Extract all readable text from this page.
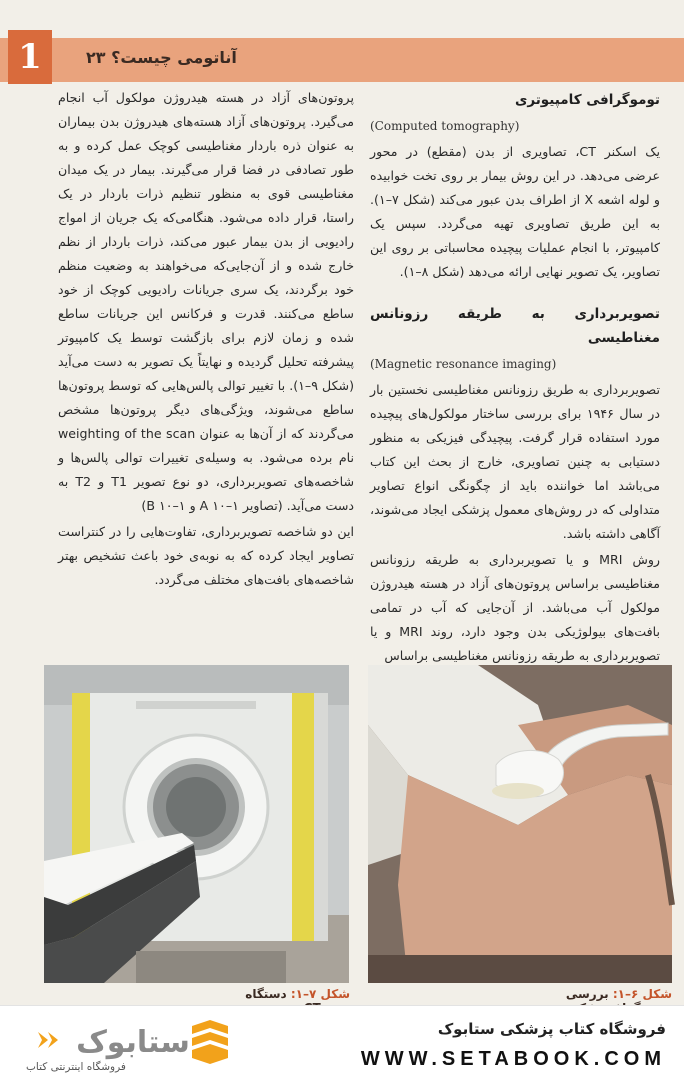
1	آناتومی چیست؟ ۲۳

توموگرافی کامپیوتری

(Computed tomography)

یک اسکنر CT، تصاویری از بدن (مقطع) در محور عرضی می‌دهد. در این روش بیمار بر روی تخت خوابیده و لوله اشعه X از اطراف بدن عبور می‌کند (شکل ۷–۱). به این طریق تصاویری تهیه می‌گردد. سپس یک کامپیوتر، با انجام عملیات پیچیده محاسباتی بر روی این تصاویر، یک تصویر نهایی ارائه می‌دهد (شکل ۸–۱).

تصویربرداری به طریقه رزونانس مغناطیسی

(Magnetic resonance imaging)

تصویربرداری به طریق رزونانس مغناطیسی نخستین بار در سال ۱۹۴۶ برای بررسی ساختار مولکول‌های پیچیده مورد استفاده قرار گرفت. پیچیدگی فیزیکی به منظور دستیابی به چنین تصاویری، خارج از بحث این کتاب می‌باشد اما خواننده باید از چگونگی انواع تصاویر متداولی که در روش‌های معمول پزشکی ایجاد می‌شوند، آگاهی داشته باشد.

روش MRI و یا تصویربرداری به طریقه رزونانس مغناطیسی براساس پروتون‌های آزاد در هسته هیدروژن مولکول آب می‌باشد. از آن‌جایی که آب در تمامی بافت‌های بیولوژیکی بدن وجود دارد، روند MRI و یا تصویربرداری به طریقه رزونانس مغناطیسی براساس

پروتون‌های آزاد در هسته هیدروژن مولکول آب انجام می‌گیرد. پروتون‌های آزاد هسته‌های هیدروژن بدن بیماران به عنوان ذره باردار مغناطیسی کوچک عمل کرده و به طور تصادفی در فضا قرار می‌گیرند. بیمار در یک میدان مغناطیسی قوی به منظور تنظیم ذرات باردار در یک راستا، قرار داده می‌شود. هنگامی‌که یک جریان از امواج رادیویی از بدن بیمار عبور می‌کند، ذرات باردار از نظم خارج شده و از آن‌جایی‌که می‌خواهند به وضعیت منظم خود برگردند، یک سری جریانات رادیویی کوچک از خود ساطع می‌کنند. قدرت و فرکانس این جریانات ساطع شده و زمان لازم برای بازگشت توسط یک کامپیوتر پیشرفته تحلیل گردیده و نهایتاً یک تصویر به دست می‌آید (شکل ۹–۱). با تغییر توالی پالس‌هایی که توسط پروتون‌ها ساطع می‌شوند، ویژگی‌های دیگر پروتون‌ها مشخص می‌گردند که از آن‌ها به عنوان weighting of the scan نام برده می‌شود. به وسیله‌ی تغییرات توالی پالس‌ها و شاخصه‌های تصویربرداری، دو نوع تصویر T1 و T2 به دست می‌آید. (تصاویر A ۱۰–۱ و B ۱۰–۱)

این دو شاخصه تصویربرداری، تفاوت‌هایی را در کنتراست تصاویر ایجاد کرده که به نوبه‌ی خود باعث تشخیص بهتر شاخصه‌های بافت‌های مختلف می‌گردد.

شکل ۷–۱: دستگاه	شکل ۶–۱: بررسی
فروشگاه کتاب پزشکی ستابوک
WWW.SETABOOK.COM
ستابوک
فروشگاه اینترنتی کتاب
